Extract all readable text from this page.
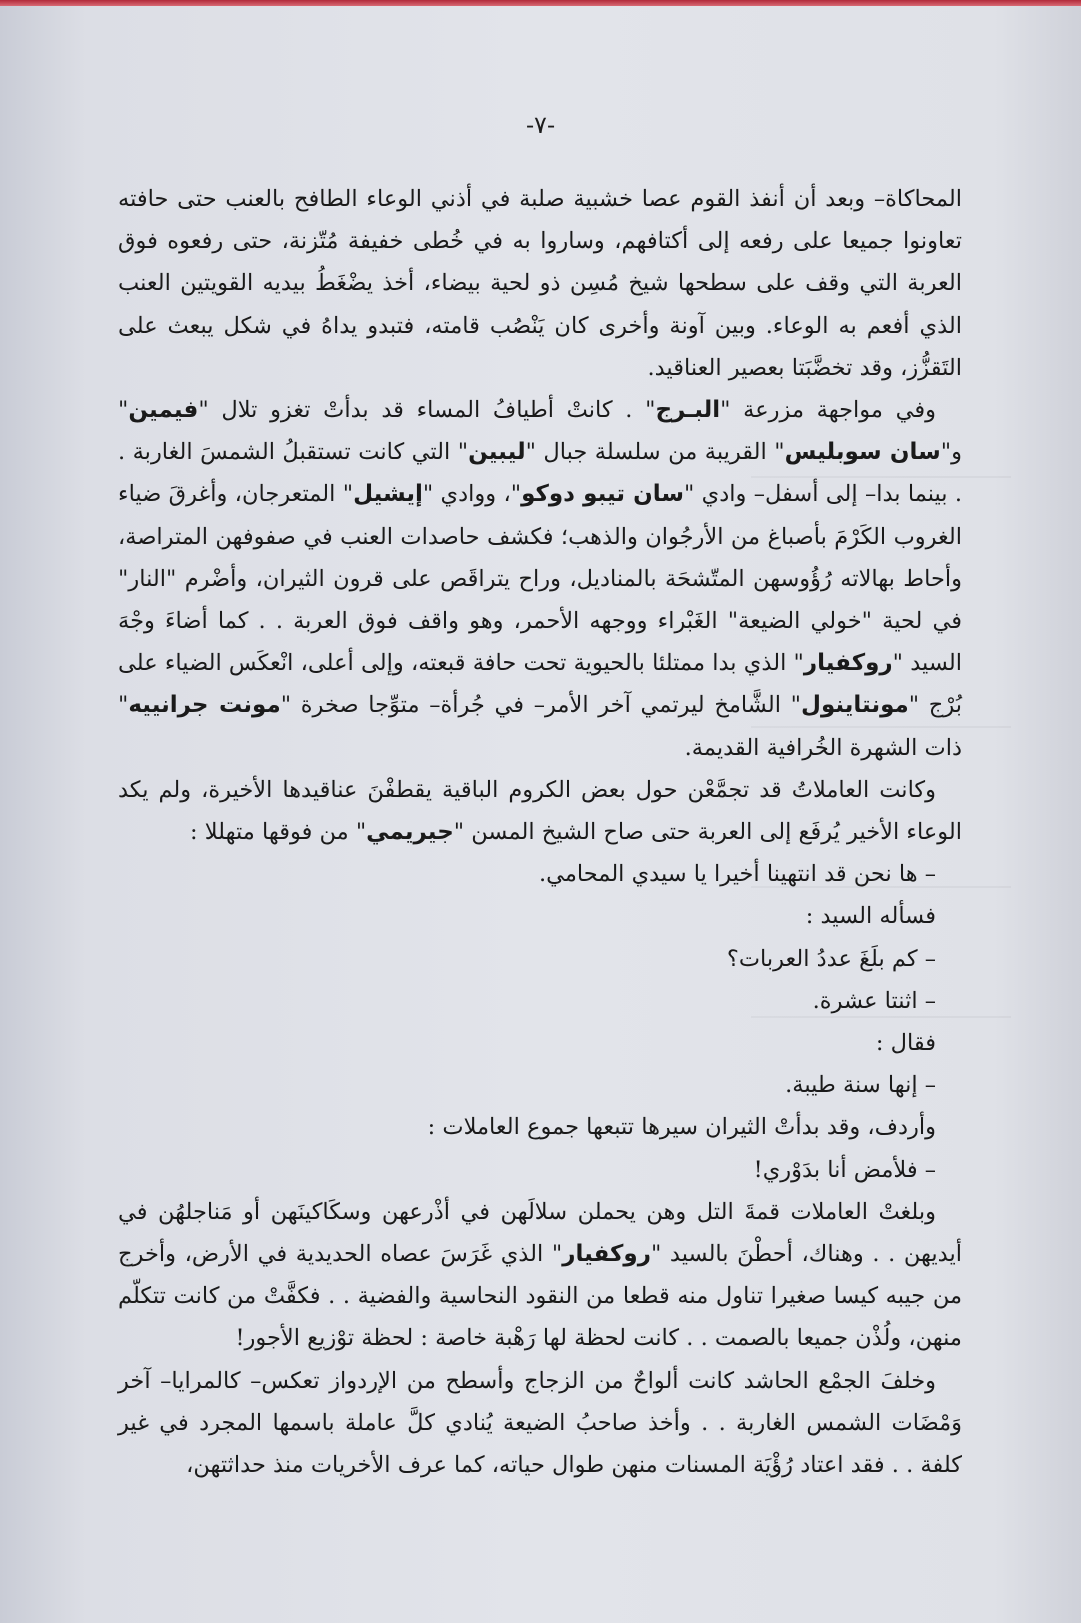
-٧-

المحاكاة– وبعد أن أنفذ القوم عصا خشبية صلبة في أذني الوعاء الطافح بالعنب حتى حافته تعاونوا جميعا على رفعه إلى أكتافهم، وساروا به في خُطى خفيفة مُتّزنة، حتى رفعوه فوق العربة التي وقف على سطحها شيخ مُسِن ذو لحية بيضاء، أخذ يضْغَطُ بيديه القويتين العنب الذي أفعم به الوعاء. وبين آونة وأخرى كان يَنْصُب قامته، فتبدو يداهُ في شكل يبعث على التَقزُّز، وقد تخضَّبَتا بعصير العناقيد.

وفي مواجهة مزرعة "البـرج" . كانتْ أطيافُ المساء قد بدأتْ تغزو تلال "فيمين" و"سان سوبليس" القريبة من سلسلة جبال "ليبين" التي كانت تستقبلُ الشمسَ الغاربة . . بينما بدا– إلى أسفل– وادي "سان تيبو دوكو"، ووادي "إيشيل" المتعرجان، وأغرقَ ضياء الغروب الكَرْمَ بأصباغ من الأرجُوان والذهب؛ فكشف حاصدات العنب في صفوفهن المتراصة، وأحاط بهالاته رُؤُوسهن المتّشحَة بالمناديل، وراح يتراقَص على قرون الثيران، وأضْرم "النار" في لحية "خولي الضيعة" الغَبْراء ووجهه الأحمر، وهو واقف فوق العربة . . كما أضاءَ وجْهَ السيد "روكفيار" الذي بدا ممتلئا بالحيوية تحت حافة قبعته، وإلى أعلى، انْعكَس الضياء على بُرْج "مونتاينول" الشَّامخ ليرتمي آخر الأمر– في جُرأة– متوِّجا صخرة "مونت جرانييه" ذات الشهرة الخُرافية القديمة.

وكانت العاملاتُ قد تجمَّعْن حول بعض الكروم الباقية يقطفْنَ عناقيدها الأخيرة، ولم يكد الوعاء الأخير يُرفَع إلى العربة حتى صاح الشيخ المسن "جيريمي" من فوقها متهللا :

– ها نحن قد انتهينا أخيرا يا سيدي المحامي.

فسأله السيد :

– كم بلَغَ عددُ العربات؟

– اثنتا عشرة.

فقال :

– إنها سنة طيبة.

وأردف، وقد بدأتْ الثيران سيرها تتبعها جموع العاملات :

– فلأمض أنا بدَوْري!

وبلغتْ العاملات قمةَ التل وهن يحملن سلالَهن في أذْرعهن وسكَاكينَهن أو مَناجلهُن في أيديهن . . وهناك، أحطْنَ بالسيد "روكفيار" الذي غَرَسَ عصاه الحديدية في الأرض، وأخرج من جيبه كيسا صغيرا تناول منه قطعا من النقود النحاسية والفضية . . فكفَّتْ من كانت تتكلّم منهن، ولُذْن جميعا بالصمت . . كانت لحظة لها رَهْبة خاصة : لحظة توْزيع الأجور!

وخلفَ الجمْع الحاشد كانت ألواحٌ من الزجاج وأسطح من الإردواز تعكس– كالمرايا– آخر وَمْضَات الشمس الغاربة . . وأخذ صاحبُ الضيعة يُنادي كلَّ عاملة باسمها المجرد في غير كلفة . . فقد اعتاد رُؤْيَة المسنات منهن طوال حياته، كما عرف الأخريات منذ حداثتهن،
